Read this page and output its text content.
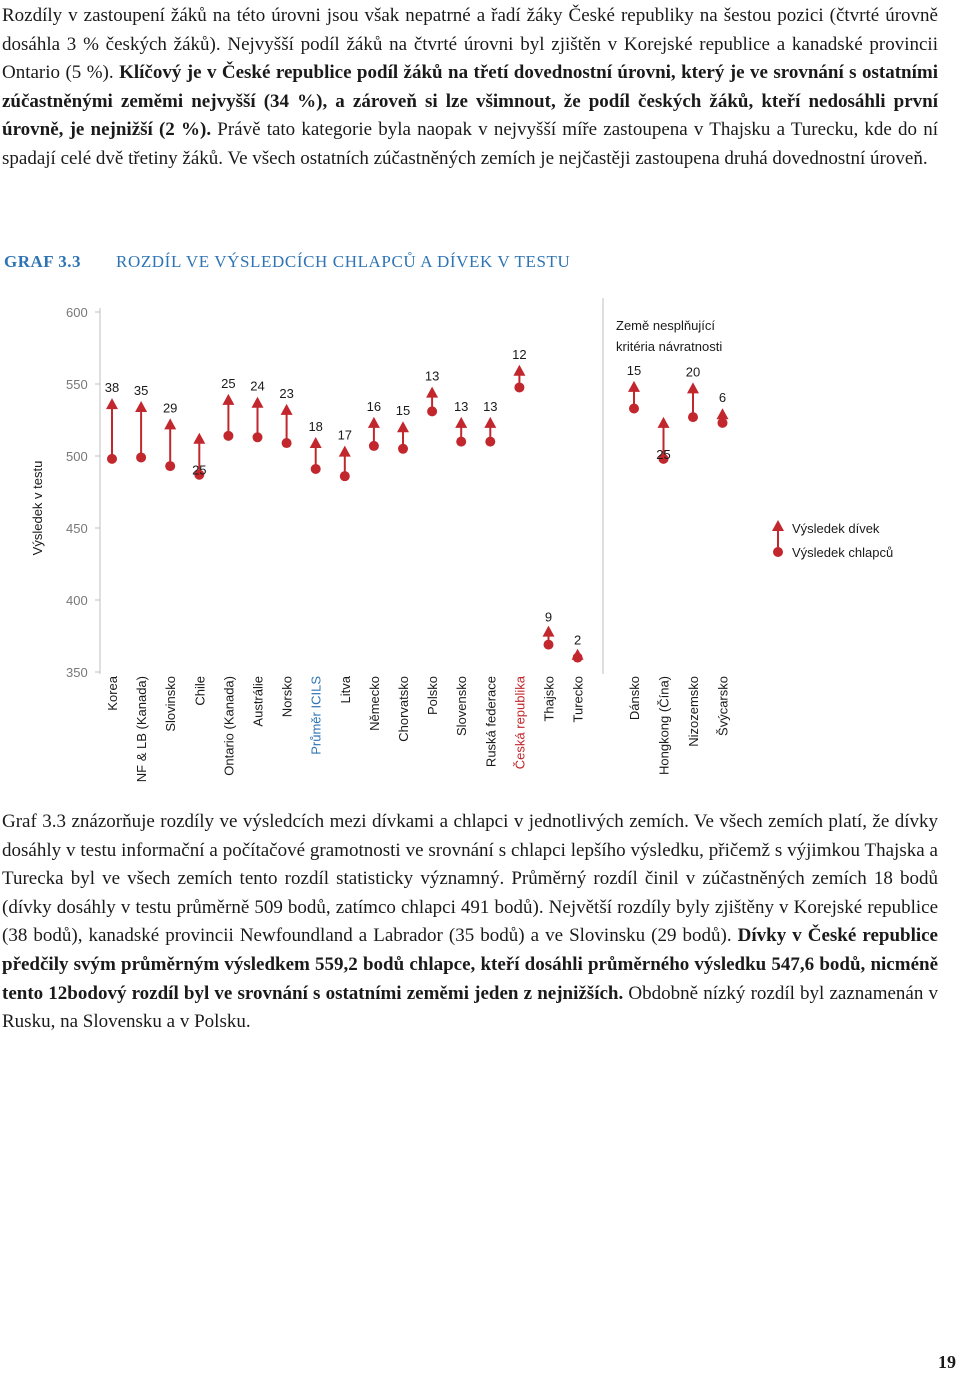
Rozdíly v zastoupení žáků na této úrovni jsou však nepatrné a řadí žáky České republiky na šestou pozici (čtvrté úrovně dosáhla 3 % českých žáků). Nejvyšší podíl žáků na čtvrté úrovni byl zjištěn v Korejské republice a kanadské provincii Ontario (5 %). Klíčový je v České republice podíl žáků na třetí dovednostní úrovni, který je ve srovnání s ostatními zúčastněnými zeměmi nejvyšší (34 %), a zároveň si lze všimnout, že podíl českých žáků, kteří nedosáhli první úrovně, je nejnižší (2 %). Právě tato kategorie byla naopak v nejvyšší míře zastoupena v Thajsku a Turecku, kde do ní spadají celé dvě třetiny žáků. Ve všech ostatních zúčastněných zemích je nejčastěji zastoupena druhá dovednostní úroveň.
GRAF 3.3 ROZDÍL VE VÝSLEDCÍCH CHLAPCŮ A DÍVEK V TESTU
350
400
450
500
550
600
Výsledek v testu
Země nesplňující
kritéria návratnosti
38
Korea
35
NF & LB (Kanada)
29
Slovinsko
25
Chile
25
Ontario (Kanada)
24
Austrálie
23
Norsko
18
Průměr ICILS
17
Litva
16
Německo
15
Chorvatsko
13
Polsko
13
Slovensko
13
Ruská federace
12
Česká republika
9
Thajsko
2
Turecko
15
Dánsko
25
Hongkong (Čína)
20
Nizozemsko
6
Švýcarsko
Výsledek dívek
Výsledek chlapců
Graf 3.3 znázorňuje rozdíly ve výsledcích mezi dívkami a chlapci v jednotlivých zemích. Ve všech zemích platí, že dívky dosáhly v testu informační a počítačové gramotnosti ve srovnání s chlapci lepšího výsledku, přičemž s výjimkou Thajska a Turecka byl ve všech zemích tento rozdíl statisticky významný. Průměrný rozdíl činil v zúčastněných zemích 18 bodů (dívky dosáhly v testu průměrně 509 bodů, zatímco chlapci 491 bodů). Největší rozdíly byly zjištěny v Korejské republice (38 bodů), kanadské provincii Newfoundland a Labrador (35 bodů) a ve Slovinsku (29 bodů). Dívky v České republice předčily svým průměrným výsledkem 559,2 bodů chlapce, kteří dosáhli průměrného výsledku 547,6 bodů, nicméně tento 12bodový rozdíl byl ve srovnání s ostatními zeměmi jeden z nejnižších. Obdobně nízký rozdíl byl zaznamenán v Rusku, na Slovensku a v Polsku.
19
